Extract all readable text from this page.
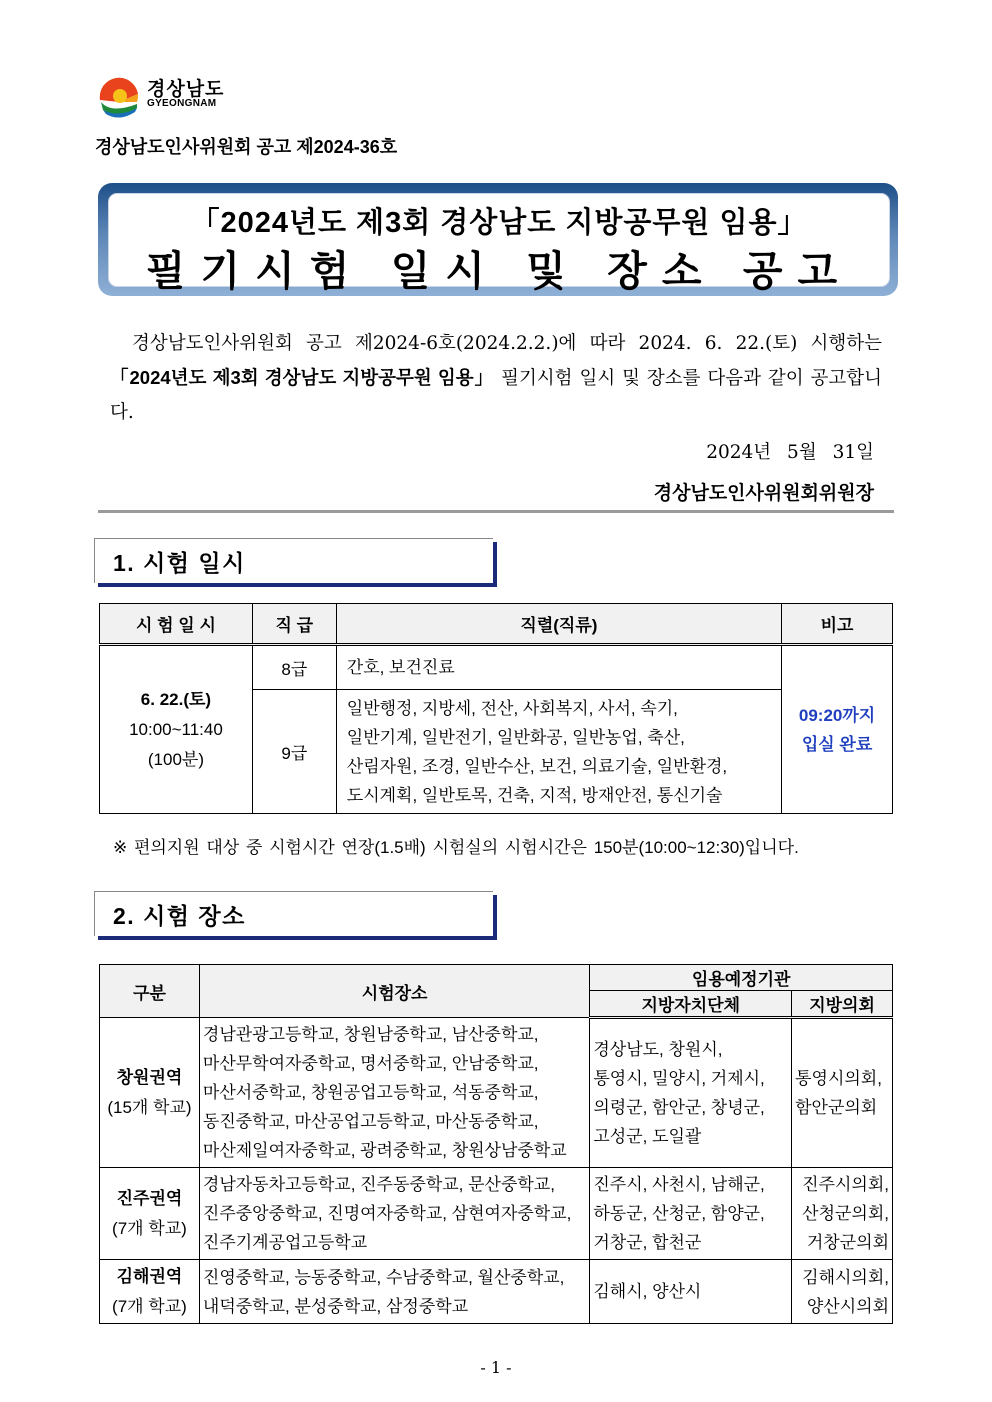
경상남도
GYEONGNAM
경상남도인사위원회 공고 제2024-36호
「2024년도 제3회 경상남도 지방공무원 임용」
필기시험 일시 및 장소 공고

경상남도인사위원회 공고 제2024-6호(2024.2.2.)에 따라 2024. 6. 22.(토) 시행하는 「2024년도 제3회 경상남도 지방공무원 임용」 필기시험 일시 및 장소를 다음과 같이 공고합니다.

2024년 5월 31일
경상남도인사위원회위원장
1. 시험 일시
시 험 일 시	직 급	직렬(직류)	비고
6. 22.(토)
10:00~11:40
(100분)	8급	간호, 보건진료	09:20까지
입실 완료
	9급	일반행정, 지방세, 전산, 사회복지, 사서, 속기,
일반기계, 일반전기, 일반화공, 일반농업, 축산,
산림자원, 조경, 일반수산, 보건, 의료기술, 일반환경,
도시계획, 일반토목, 건축, 지적, 방재안전, 통신기술	
※ 편의지원 대상 중 시험시간 연장(1.5배) 시험실의 시험시간은 150분(10:00~12:30)입니다.
2. 시험 장소
구분	시험장소	임용예정기관	
		지방자치단체	지방의회
창원권역
(15개 학교)	경남관광고등학교, 창원남중학교, 남산중학교,
마산무학여자중학교, 명서중학교, 안남중학교,
마산서중학교, 창원공업고등학교, 석동중학교,
동진중학교, 마산공업고등학교, 마산동중학교,
마산제일여자중학교, 광려중학교, 창원상남중학교	경상남도, 창원시,
통영시, 밀양시, 거제시,
의령군, 함안군, 창녕군,
고성군, 도일괄	통영시의회,
함안군의회
진주권역
(7개 학교)	경남자동차고등학교, 진주동중학교, 문산중학교,
진주중앙중학교, 진명여자중학교, 삼현여자중학교,
진주기계공업고등학교	진주시, 사천시, 남해군,
하동군, 산청군, 함양군,
거창군, 합천군	진주시의회,
산청군의회,
거창군의회
김해권역
(7개 학교)	진영중학교, 능동중학교, 수남중학교, 월산중학교,
내덕중학교, 분성중학교, 삼정중학교	김해시, 양산시	김해시의회,
양산시의회
- 1 -
